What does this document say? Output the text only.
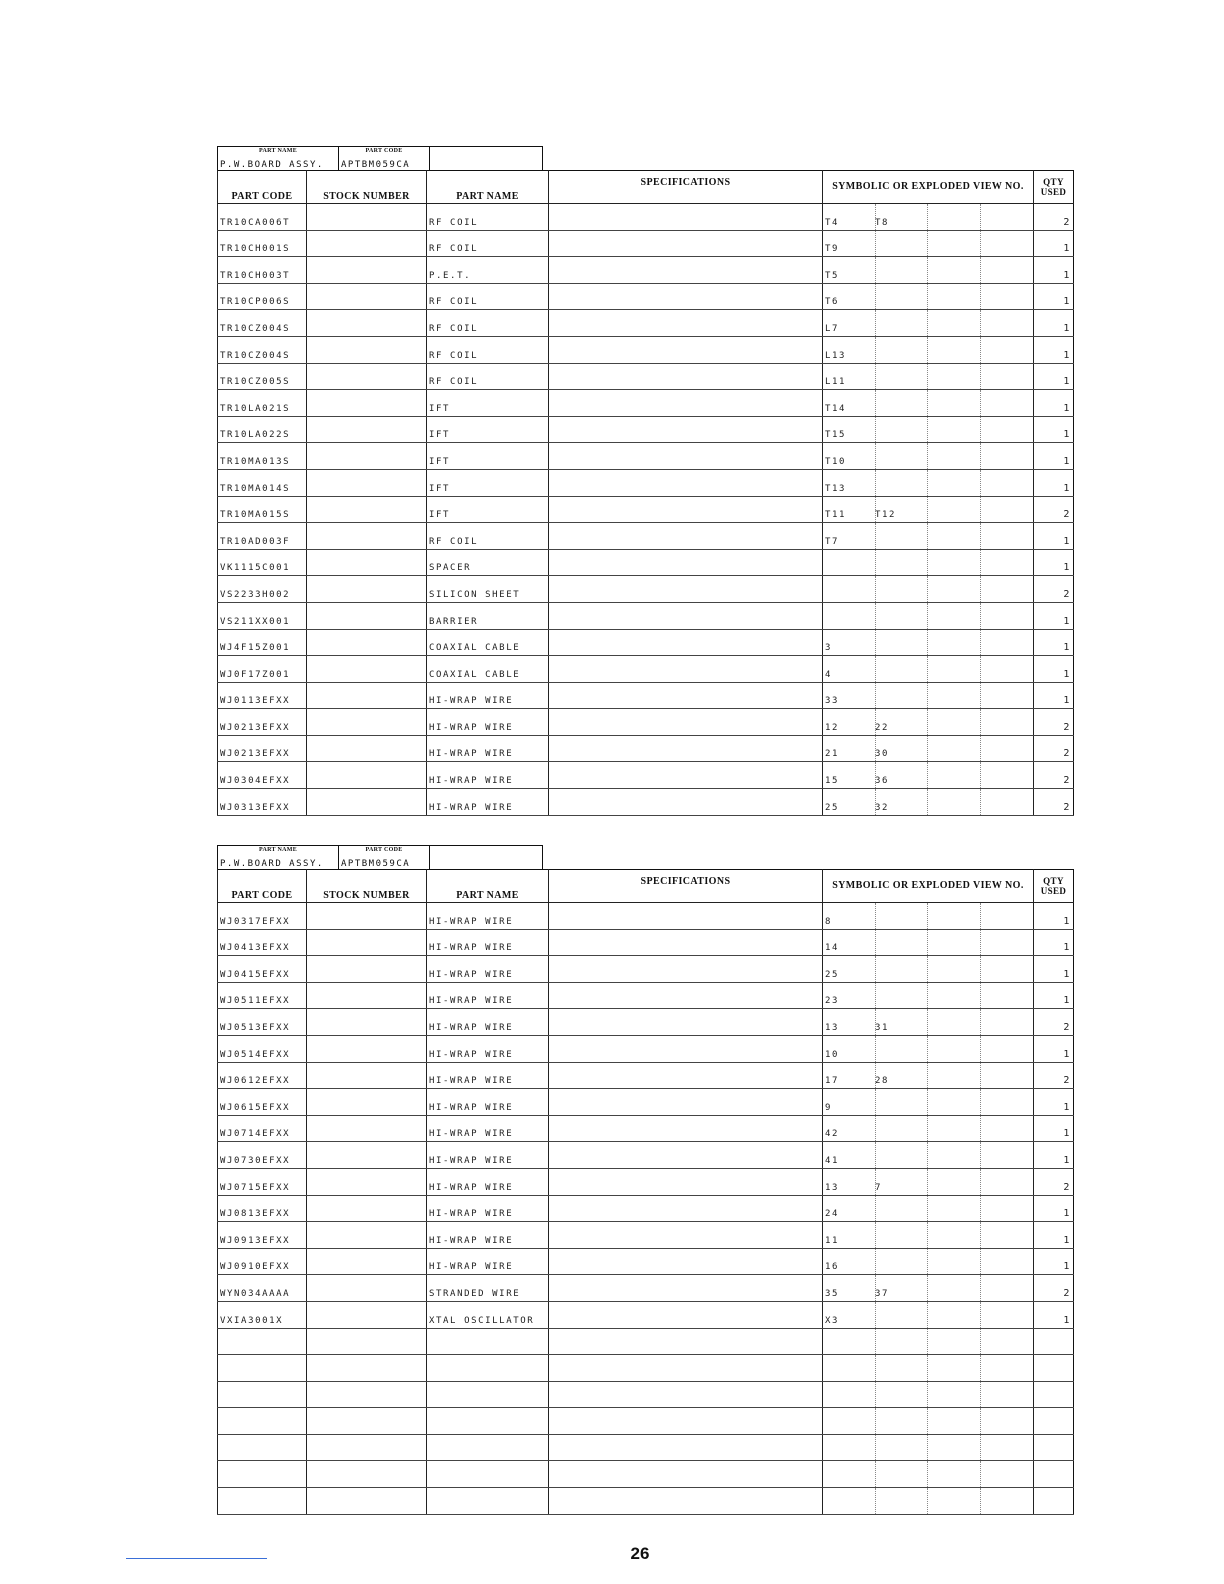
PART NAME
P.W.BOARD ASSY.
PART CODE
APTBM059CA
PART CODE	STOCK NUMBER	PART NAME	SPECIFICATIONS	SYMBOLIC OR EXPLODED VIEW NO.	QTY USED
TR10CA006T		RF COIL		T4 T8	2
TR10CH001S		RF COIL		T9	1
TR10CH003T		P.E.T.		T5	1
TR10CP006S		RF COIL		T6	1
TR10CZ004S		RF COIL		L7	1
TR10CZ004S		RF COIL		L13	1
TR10CZ005S		RF COIL		L11	1
TR10LA021S		IFT		T14	1
TR10LA022S		IFT		T15	1
TR10MA013S		IFT		T10	1
TR10MA014S		IFT		T13	1
TR10MA015S		IFT		T11 T12	2
TR10AD003F		RF COIL		T7	1
VK1115C001		SPACER			1
VS2233H002		SILICON SHEET			2
VS211XX001		BARRIER			1
WJ4F15Z001		COAXIAL CABLE		3	1
WJ0F17Z001		COAXIAL CABLE		4	1
WJ0113EFXX		HI-WRAP WIRE		33	1
WJ0213EFXX		HI-WRAP WIRE		12 22	2
WJ0213EFXX		HI-WRAP WIRE		21 30	2
WJ0304EFXX		HI-WRAP WIRE		15 36	2
WJ0313EFXX		HI-WRAP WIRE		25 32	2
PART NAME
P.W.BOARD ASSY.
PART CODE
APTBM059CA
PART CODE	STOCK NUMBER	PART NAME	SPECIFICATIONS	SYMBOLIC OR EXPLODED VIEW NO.	QTY USED
WJ0317EFXX		HI-WRAP WIRE		8	1
WJ0413EFXX		HI-WRAP WIRE		14	1
WJ0415EFXX		HI-WRAP WIRE		25	1
WJ0511EFXX		HI-WRAP WIRE		23	1
WJ0513EFXX		HI-WRAP WIRE		13 31	2
WJ0514EFXX		HI-WRAP WIRE		10	1
WJ0612EFXX		HI-WRAP WIRE		17 28	2
WJ0615EFXX		HI-WRAP WIRE		9	1
WJ0714EFXX		HI-WRAP WIRE		42	1
WJ0730EFXX		HI-WRAP WIRE		41	1
WJ0715EFXX		HI-WRAP WIRE		13 7	2
WJ0813EFXX		HI-WRAP WIRE		24	1
WJ0913EFXX		HI-WRAP WIRE		11	1
WJ0910EFXX		HI-WRAP WIRE		16	1
WYN034AAAA		STRANDED WIRE		35 37	2
VXIA3001X		XTAL OSCILLATOR		X3	1

26
